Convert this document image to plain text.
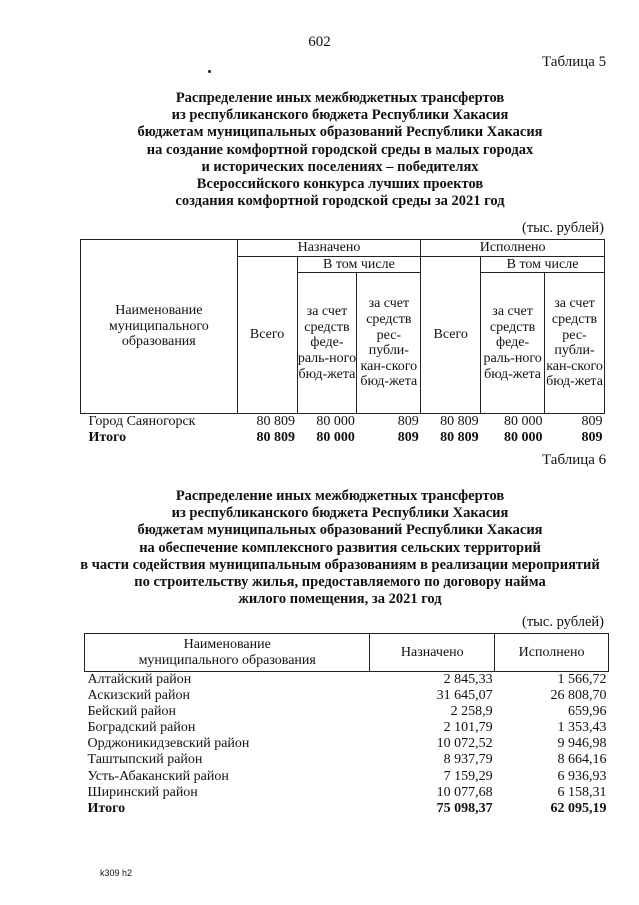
602
Таблица 5
Распределение иных межбюджетных трансфертов
из республиканского бюджета Республики Хакасия
бюджетам муниципальных образований Республики Хакасия
на создание комфортной городской среды в малых городах
и исторических поселениях – победителях
Всероссийского конкурса лучших проектов
создания комфортной городской среды за 2021 год
(тыс. рублей)
Наименование муниципального образования	Назначено			Исполнено		
	Всего	В том числе		Всего	В том числе	
		за счет средств феде-раль-ного бюд-жета	за счет средств рес-публи-кан-ского бюд-жета		за счет средств феде-раль-ного бюд-жета	за счет средств рес-публи-кан-ского бюд-жета
Город Саяногорск	80 809	80 000	809	80 809	80 000	809
Итого	80 809	80 000	809	80 809	80 000	809
Таблица 6
Распределение иных межбюджетных трансфертов
из республиканского бюджета Республики Хакасия
бюджетам муниципальных образований Республики Хакасия
на обеспечение комплексного развития сельских территорий
в части содействия муниципальным образованиям в реализации мероприятий
по строительству жилья, предоставляемого по договору найма
жилого помещения, за 2021 год
(тыс. рублей)
Наименование
муниципального образования	Назначено	Исполнено
Алтайский район	2 845,33	1 566,72
Аскизский район	31 645,07	26 808,70
Бейский район	2 258,9	659,96
Боградский район	2 101,79	1 353,43
Орджоникидзевский район	10 072,52	9 946,98
Таштыпский район	8 937,79	8 664,16
Усть-Абаканский район	7 159,29	6 936,93
Ширинский район	10 077,68	6 158,31
Итого	75 098,37	62 095,19
k309 h2
